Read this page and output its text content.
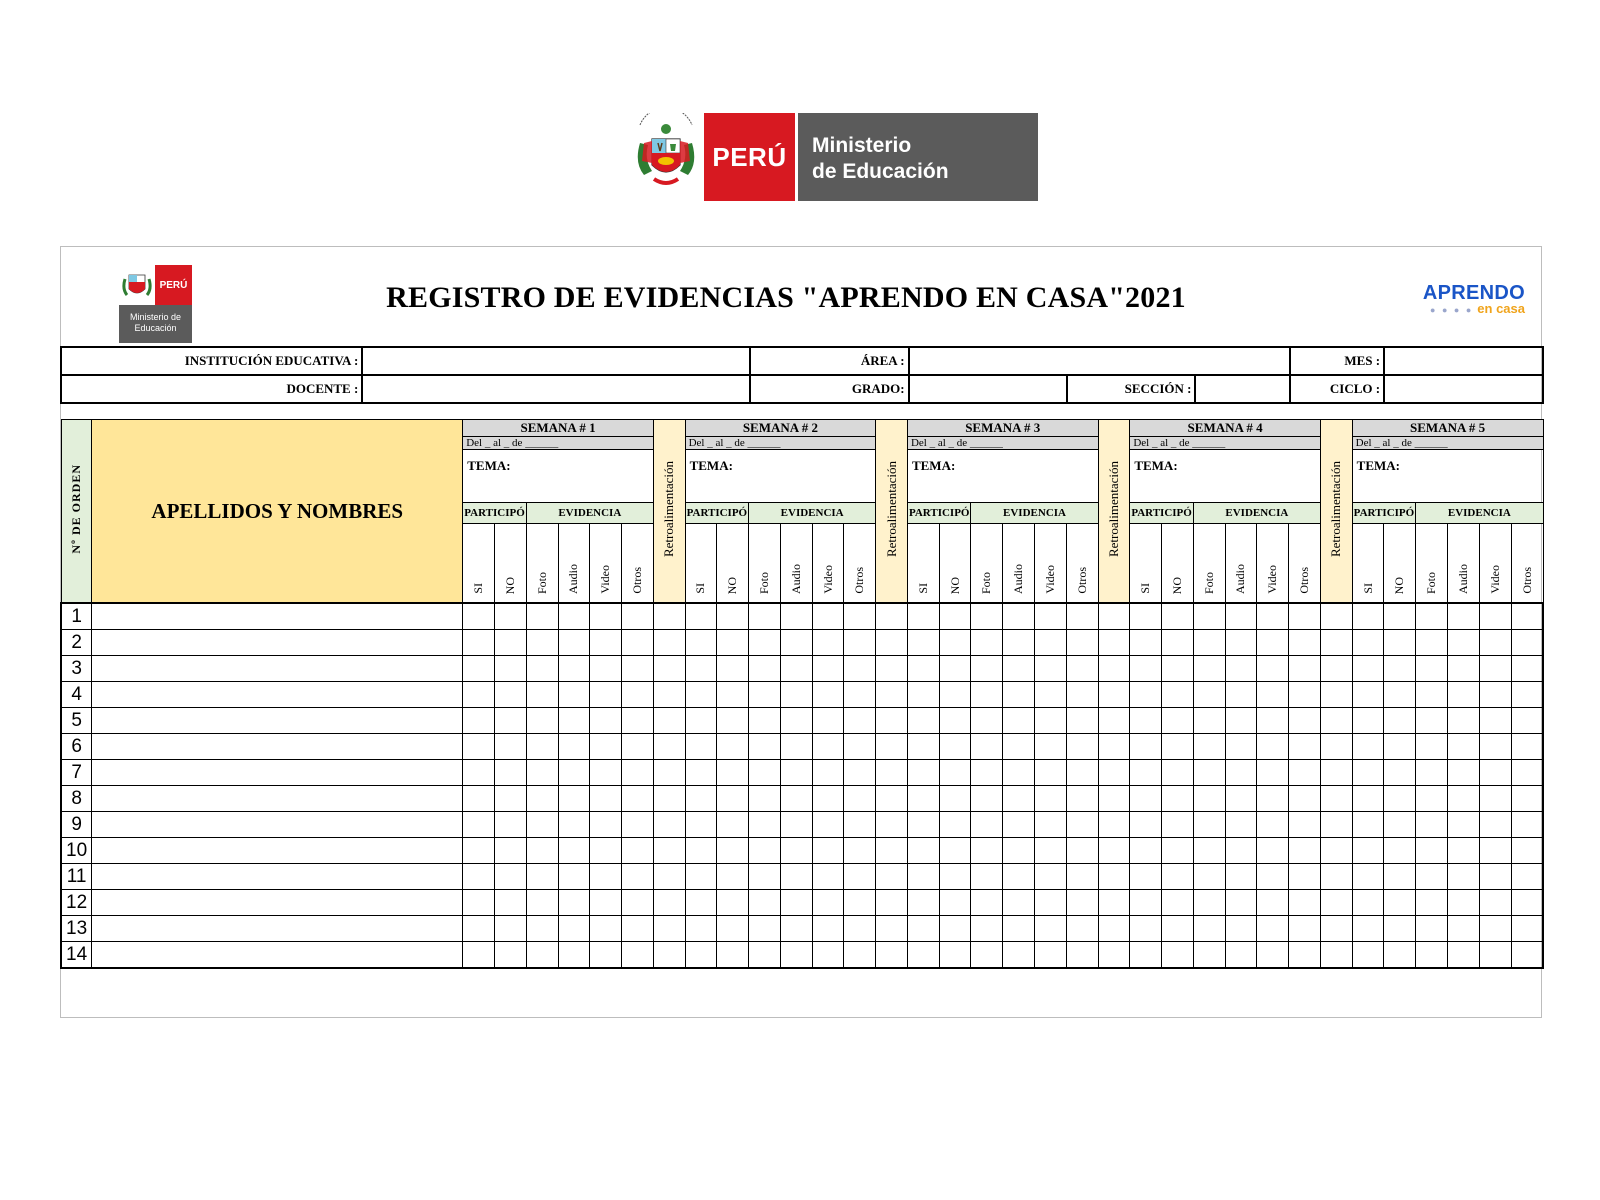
PERÚ	Ministerio
de Educación
PERÚ
Ministerio de
Educación
REGISTRO DE EVIDENCIAS "APRENDO EN CASA"2021	APRENDO
● ● ● ● en casa
INSTITUCIÓN EDUCATIVA :		ÁREA :				MES :	
DOCENTE :		GRADO:		SECCIÓN :		CICLO :	
Nº DE ORDEN	APELLIDOS Y NOMBRES	SEMANA # 1						Retroalimentación	SEMANA # 2						Retroalimentación	SEMANA # 3						Retroalimentación	SEMANA # 4						Retroalimentación	SEMANA # 5					
		Del _ al _ de ______							Del _ al _ de ______							Del _ al _ de ______							Del _ al _ de ______							Del _ al _ de ______					
		TEMA:							TEMA:							TEMA:							TEMA:							TEMA:					
		PARTICIPÓ		EVIDENCIA					PARTICIPÓ		EVIDENCIA					PARTICIPÓ		EVIDENCIA					PARTICIPÓ		EVIDENCIA					PARTICIPÓ		EVIDENCIA			
		SI	NO	Foto	Audio	Video	Otros		SI	NO	Foto	Audio	Video	Otros		SI	NO	Foto	Audio	Video	Otros		SI	NO	Foto	Audio	Video	Otros		SI	NO	Foto	Audio	Video	Otros
1																																			
2																																			
3																																			
4																																			
5																																			
6																																			
7																																			
8																																			
9																																			
10																																			
11																																			
12																																			
13																																			
14																																			
